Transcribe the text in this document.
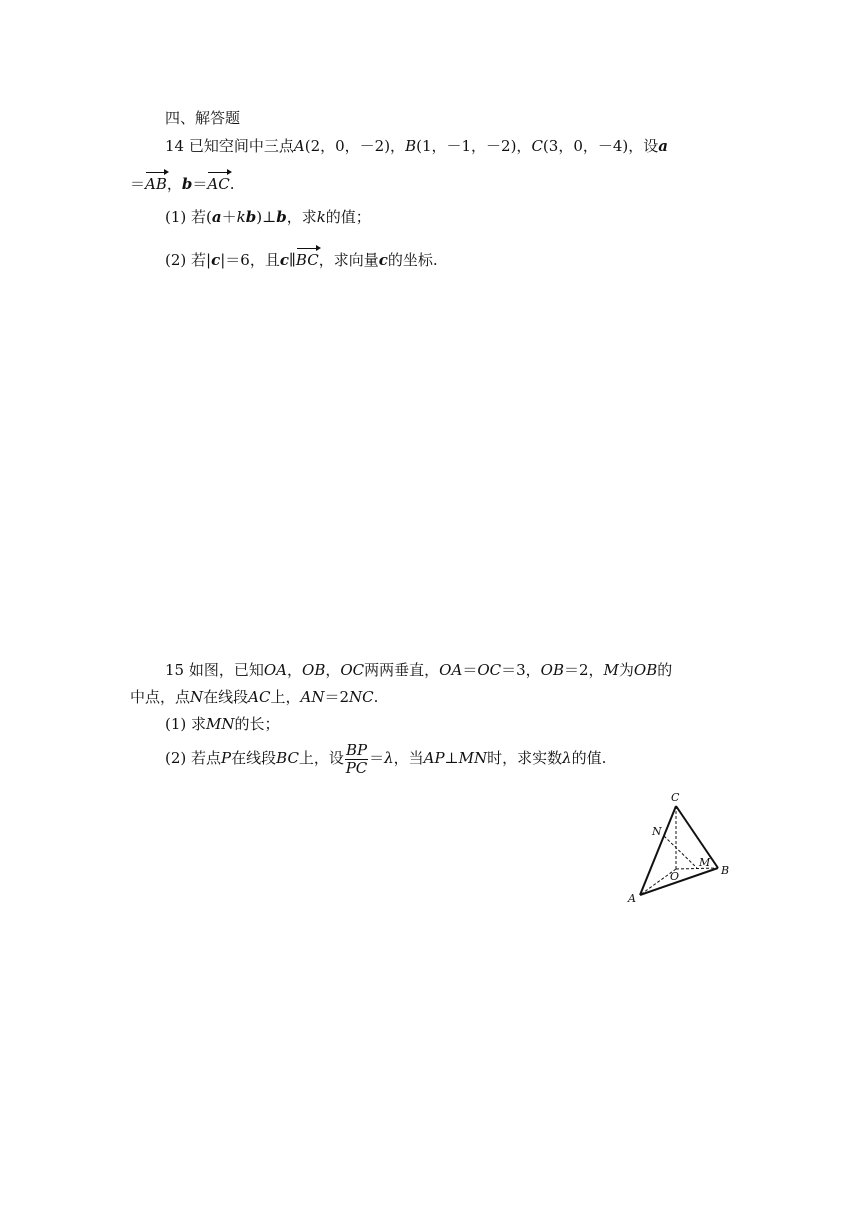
四、解答题
14 已知空间中三点A(2，0，－2)，B(1，－1，－2)，C(3，0，－4)，设a
＝AB，b＝AC.
(1) 若(a＋kb)⊥b，求k的值；
(2) 若|c|＝6，且c∥BC，求向量c的坐标.
15 如图，已知OA，OB，OC两两垂直，OA＝OC＝3，OB＝2，M为OB的
中点，点N在线段AC上，AN＝2NC.
(1) 求MN的长；
(2) 若点P在线段BC上，设 $\frac{BP}{PC} =\lambda$，当AP⊥MN时，求实数λ的值.
C
N
M
O	B
A
